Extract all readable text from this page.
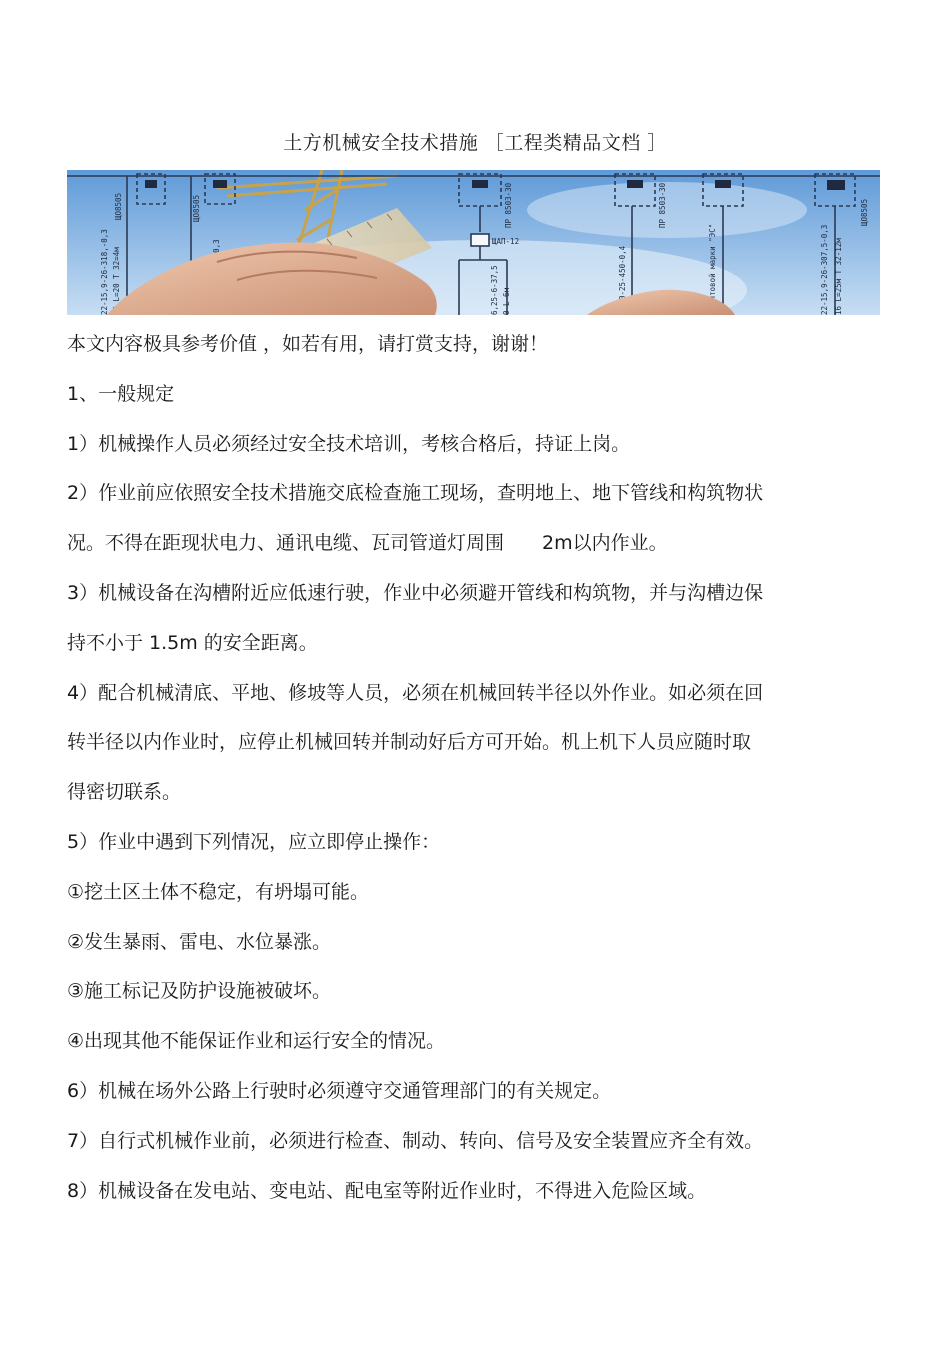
土方机械安全技术措施 ［工程类精品文档 ］
ЩО8505	ЩО8505	ПР 8503-30
ЩАП-12
ПР 8503-30	ЩО8505
22-15,9-26-318,-0,3 16 L=20 T 32=4м	6,25-6-37,5 0 L-6м
0-25-450-0,4	щитовой марки "ЭС"	22-15,9-26-307,5-0,3 16 L=25м T 32-12м

本文内容极具参考价值 ，如若有用，请打赏支持，谢谢！

1、一般规定

1）机械操作人员必须经过安全技术培训，考核合格后，持证上岗。

2）作业前应依照安全技术措施交底检查施工现场，查明地上、地下管线和构筑物状

况。不得在距现状电力、通讯电缆、瓦司管道灯周围　　2m以内作业。

3）机械设备在沟槽附近应低速行驶，作业中必须避开管线和构筑物，并与沟槽边保

持不小于 1.5m 的安全距离。

4）配合机械清底、平地、修坡等人员，必须在机械回转半径以外作业。如必须在回

转半径以内作业时，应停止机械回转并制动好后方可开始。机上机下人员应随时取

得密切联系。

5）作业中遇到下列情况，应立即停止操作：

①挖土区土体不稳定，有坍塌可能。

②发生暴雨、雷电、水位暴涨。

③施工标记及防护设施被破坏。

④出现其他不能保证作业和运行安全的情况。

6）机械在场外公路上行驶时必须遵守交通管理部门的有关规定。

7）自行式机械作业前，必须进行检查、制动、转向、信号及安全装置应齐全有效。

8）机械设备在发电站、变电站、配电室等附近作业时，不得进入危险区域。
